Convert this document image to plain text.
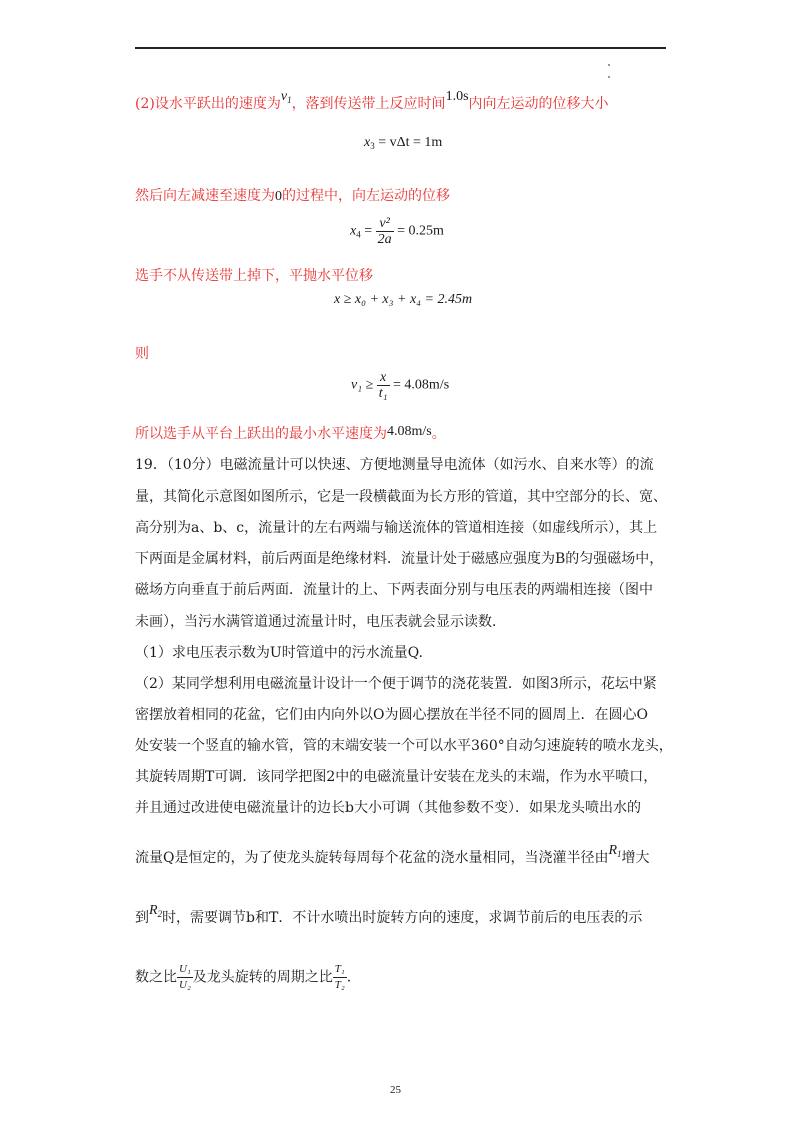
(2)设水平跃出的速度为$v_1$，落到传送带上反应时间1.0s内向左运动的位移大小
$x_3 = v\Delta t = 1m$
然后向左减速至速度为0的过程中，向左运动的位移
$x_4 = \frac{\text{v²}}{2a} = 0.25m$
选手不从传送带上掉下，平抛水平位移
x ≥ x₀ + x₃ + x₄ = 2.45m
则
$v_1 \ge \frac{x}{\text{t₁}} = 4.08m/s$
所以选手从平台上跃出的最小水平速度为4.08m/s。
19．（10分）电磁流量计可以快速、方便地测量导电流体（如污水、自来水等）的流
量，其简化示意图如图所示，它是一段横截面为长方形的管道，其中空部分的长、宽、
高分别为a、b、c，流量计的左右两端与输送流体的管道相连接（如虚线所示），其上
下两面是金属材料，前后两面是绝缘材料．流量计处于磁感应强度为B的匀强磁场中，
磁场方向垂直于前后两面．流量计的上、下两表面分别与电压表的两端相连接（图中
未画），当污水满管道通过流量计时，电压表就会显示读数．
（1）求电压表示数为U时管道中的污水流量Q.
（2）某同学想利用电磁流量计设计一个便于调节的浇花装置．如图3所示，花坛中紧
密摆放着相同的花盆，它们由内向外以O为圆心摆放在半径不同的圆周上．在圆心O
处安装一个竖直的输水管，管的末端安装一个可以水平360°自动匀速旋转的喷水龙头，
其旋转周期T可调．该同学把图2中的电磁流量计安装在龙头的末端，作为水平喷口，
并且通过改进使电磁流量计的边长b大小可调（其他参数不变）．如果龙头喷出水的
流量Q是恒定的，为了使龙头旋转每周每个花盆的浇水量相同，当浇灌半径由$R_1$增大
到$R_2$时，需要调节b和T．不计水喷出时旋转方向的速度，求调节前后的电压表的示
数之比 $\frac{\text{U₁}}{\text{U₂}}$ 及龙头旋转的周期之比 $\frac{\text{T₁}}{\text{T₂}}$ .
25
